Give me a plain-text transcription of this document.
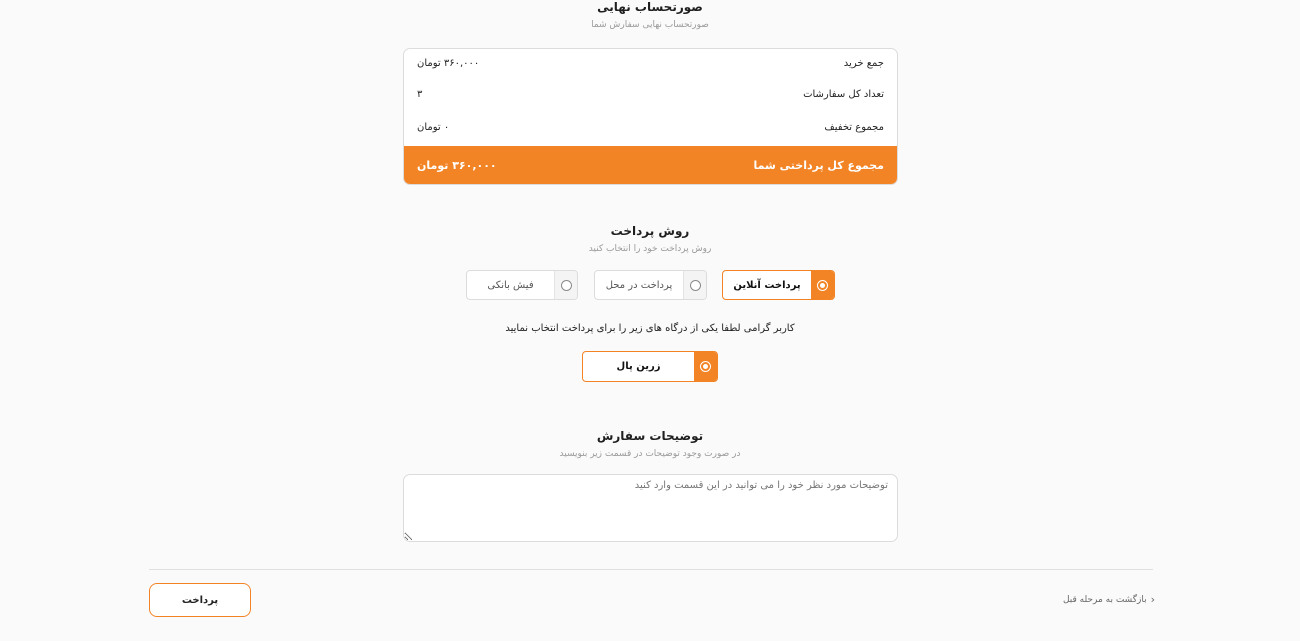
صورتحساب نهایی
صورتحساب نهایی سفارش شما
۳۶۰,۰۰۰ تومان	جمع خرید
۳	تعداد کل سفارشات
۰ تومان	مجموع تخفیف
۳۶۰,۰۰۰ تومان	مجموع کل پرداختی شما
روش پرداخت
روش پرداخت خود را انتخاب کنید
پرداخت آنلاین
پرداخت در محل
فیش بانکی
کاربر گرامی لطفا یکی از درگاه های زیر را برای پرداخت انتخاب نمایید
زرین پال
توضیحات سفارش
در صورت وجود توضیحات در قسمت زیر بنویسید
توضیحات مورد نظر خود را می توانید در این قسمت وارد کنید
پرداخت	‹
بازگشت به مرحله قبل
